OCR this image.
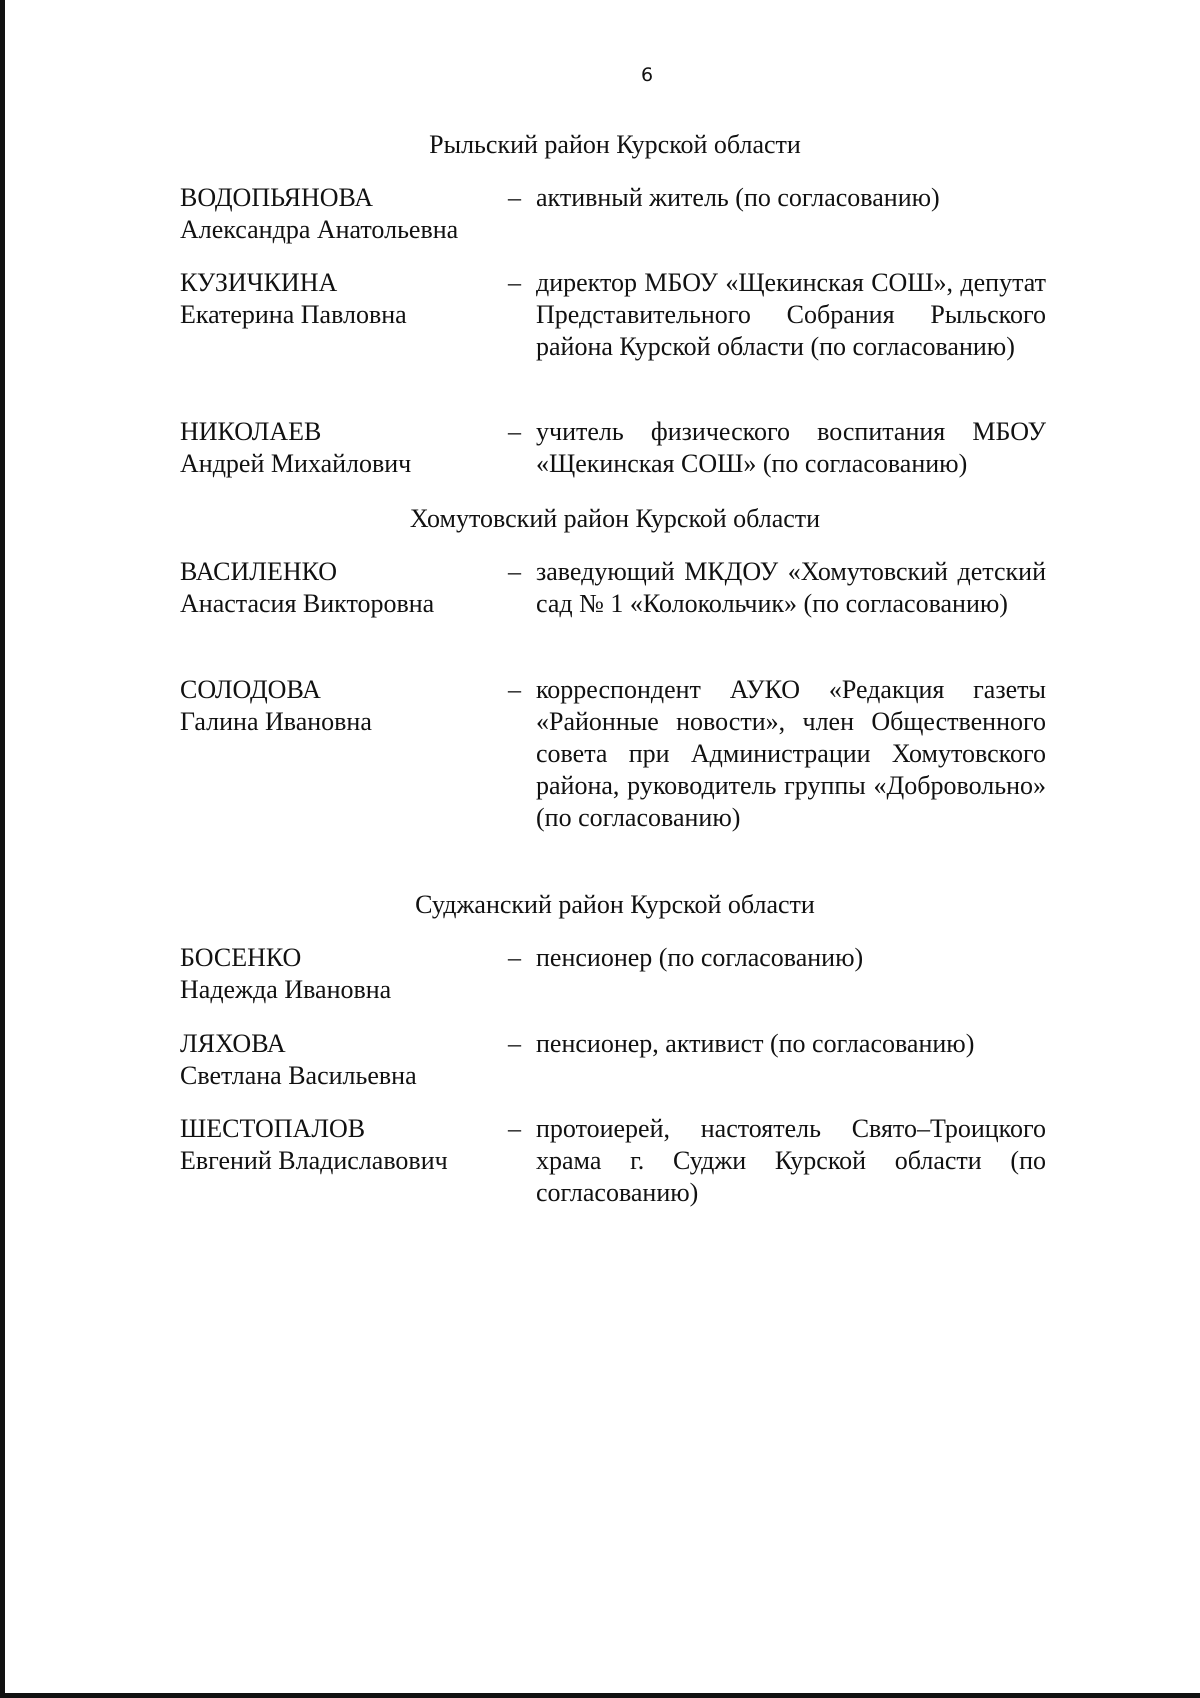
6
Рыльский район Курской области
ВОДОПЬЯНОВА
Александра Анатольевна
– активный житель (по согласованию)
КУЗИЧКИНА
Екатерина Павловна
– директор МБОУ «Щекинская СОШ», депутат Представительного Собрания Рыльского района Курской области (по согласованию)
НИКОЛАЕВ
Андрей Михайлович
– учитель физического воспитания МБОУ «Щекинская СОШ» (по согласованию)
Хомутовский район Курской области
ВАСИЛЕНКО
Анастасия Викторовна
– заведующий МКДОУ «Хомутовский детский сад № 1 «Колокольчик» (по согласованию)
СОЛОДОВА
Галина Ивановна
– корреспондент АУКО «Редакция газеты «Районные новости», член Общественного совета при Администрации Хомутовского района, руководитель группы «Добровольно» (по согласованию)
Суджанский район Курской области
БОСЕНКО
Надежда Ивановна
– пенсионер (по согласованию)
ЛЯХОВА
Светлана Васильевна
– пенсионер, активист (по согласованию)
ШЕСТОПАЛОВ
Евгений Владиславович
– протоиерей, настоятель Свято–Троицкого храма г. Суджи Курской области (по согласованию)
